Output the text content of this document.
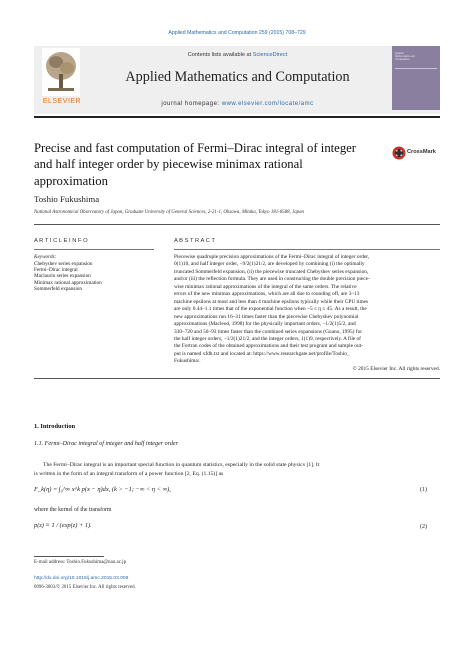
Applied Mathematics and Computation 259 (2015) 708–729
ELSEVIER
Contents lists available at ScienceDirect
Applied Mathematics and Computation
journal homepage: www.elsevier.com/locate/amc
Applied Mathematics and Computation
Precise and fast computation of Fermi–Dirac integral of integer
and half integer order by piecewise minimax rational
approximation
CrossMark
Toshio Fukushima
National Astronomical Observatory of Japan, Graduate University of General Sciences, 2-21-1, Ohsawa, Mitaka, Tokyo 181-8588, Japan
A R T I C L E I N F O
Keywords:
Chebyshev series expansion
Fermi–Dirac integral
Maclaurin series expansion
Minimax rational approximation
Sommerfeld expansion
A B S T R A C T
Piecewise quadruple precision approximations of the Fermi–Dirac integral of integer order,
0(1)10, and half integer order, −9/2(1)21/2, are developed by combining (i) the optimally
truncated Sommerfeld expansion, (ii) the piecewise truncated Chebyshev series expansion,
and/or (iii) the reflection formula. They are used in constructing the double precision piece-
wise minimax rational approximations of the integral of the same orders. The relative
errors of the new minimax approximations, which are all due to rounding off, are 3–13
machine epsilons at most and less than 4 machine epsilons typically while their CPU times
are only 0.44–1.1 times that of the exponential function when −5 ≤ η ≤ 45. As a result, the
new approximations run 16–31 times faster than the piecewise Chebyshev polynomial
approximations (Macleod, 1998) for the physically important orders, −1/2(1)5/2, and
330–720 and 50–93 times faster than the combined series expansions (Goano, 1995) for
the half integer orders, −1/2(1)21/2, and the integer orders, 1(1)9, respectively. A file of
the Fortran codes of the obtained approximations and their test program and sample out-
put is named xfdh.txt and located at: https://www.researchgate.net/profile/Toshio_
Fukushima/.
© 2015 Elsevier Inc. All rights reserved.
1. Introduction
1.1. Fermi–Dirac integral of integer and half integer order
The Fermi–Dirac integral is an important special function in quantum statistics, especially in the solid state physics [1]. It
is written in the form of an integral transform of a power function [2, Eq. (1.15)] as
F_k(η) = ∫₀^∞ x^k p(x − η)dx, (k > −1; −∞ < η < ∞),	(1)
where the kernel of the transform
p(z) ≡ 1 / (exp(z) + 1).	(2)
E-mail address: Toshio.Fukushima@nao.ac.jp
http://dx.doi.org/10.1016/j.amc.2015.03.009
0096-3003/© 2015 Elsevier Inc. All rights reserved.
